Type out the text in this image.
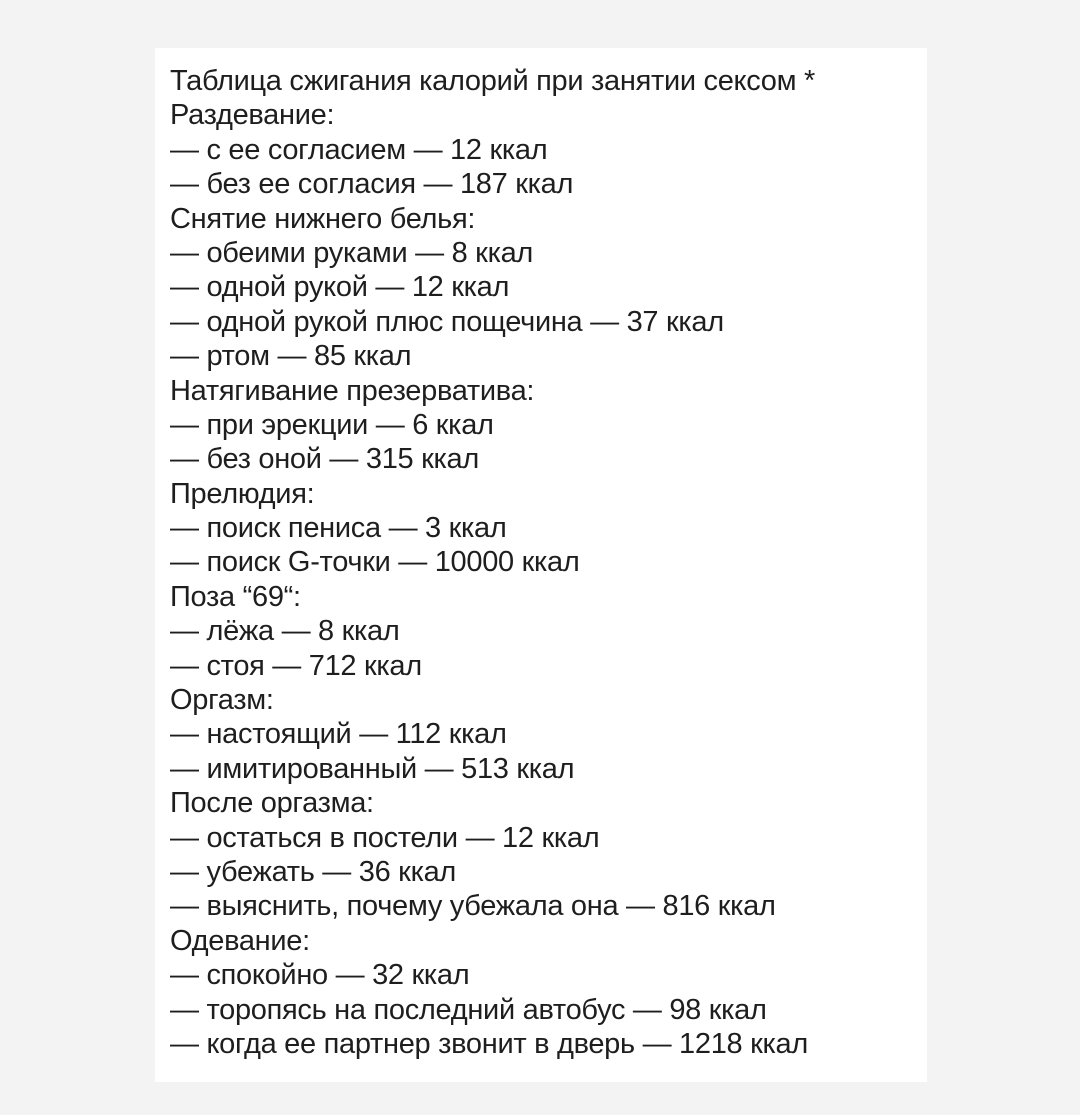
Таблица сжигания калорий при занятии сексом *
Раздевание:
— с ее согласием — 12 ккал
— без ее согласия — 187 ккал
Снятие нижнего белья:
— обеими руками — 8 ккал
— одной рукой — 12 ккал
— одной рукой плюс пощечина — 37 ккал
— ртом — 85 ккал
Натягивание презерватива:
— при эрекции — 6 ккал
— без оной — 315 ккал
Прелюдия:
— поиск пениса — 3 ккал
— поиск G-точки — 10000 ккал
Поза “69“:
— лёжа — 8 ккал
— стоя — 712 ккал
Оргазм:
— настоящий — 112 ккал
— имитированный — 513 ккал
После оргазма:
— остаться в постели — 12 ккал
— убежать — 36 ккал
— выяснить, почему убежала она — 816 ккал
Одевание:
— спокойно — 32 ккал
— торопясь на последний автобус — 98 ккал
— когда ее партнер звонит в дверь — 1218 ккал
